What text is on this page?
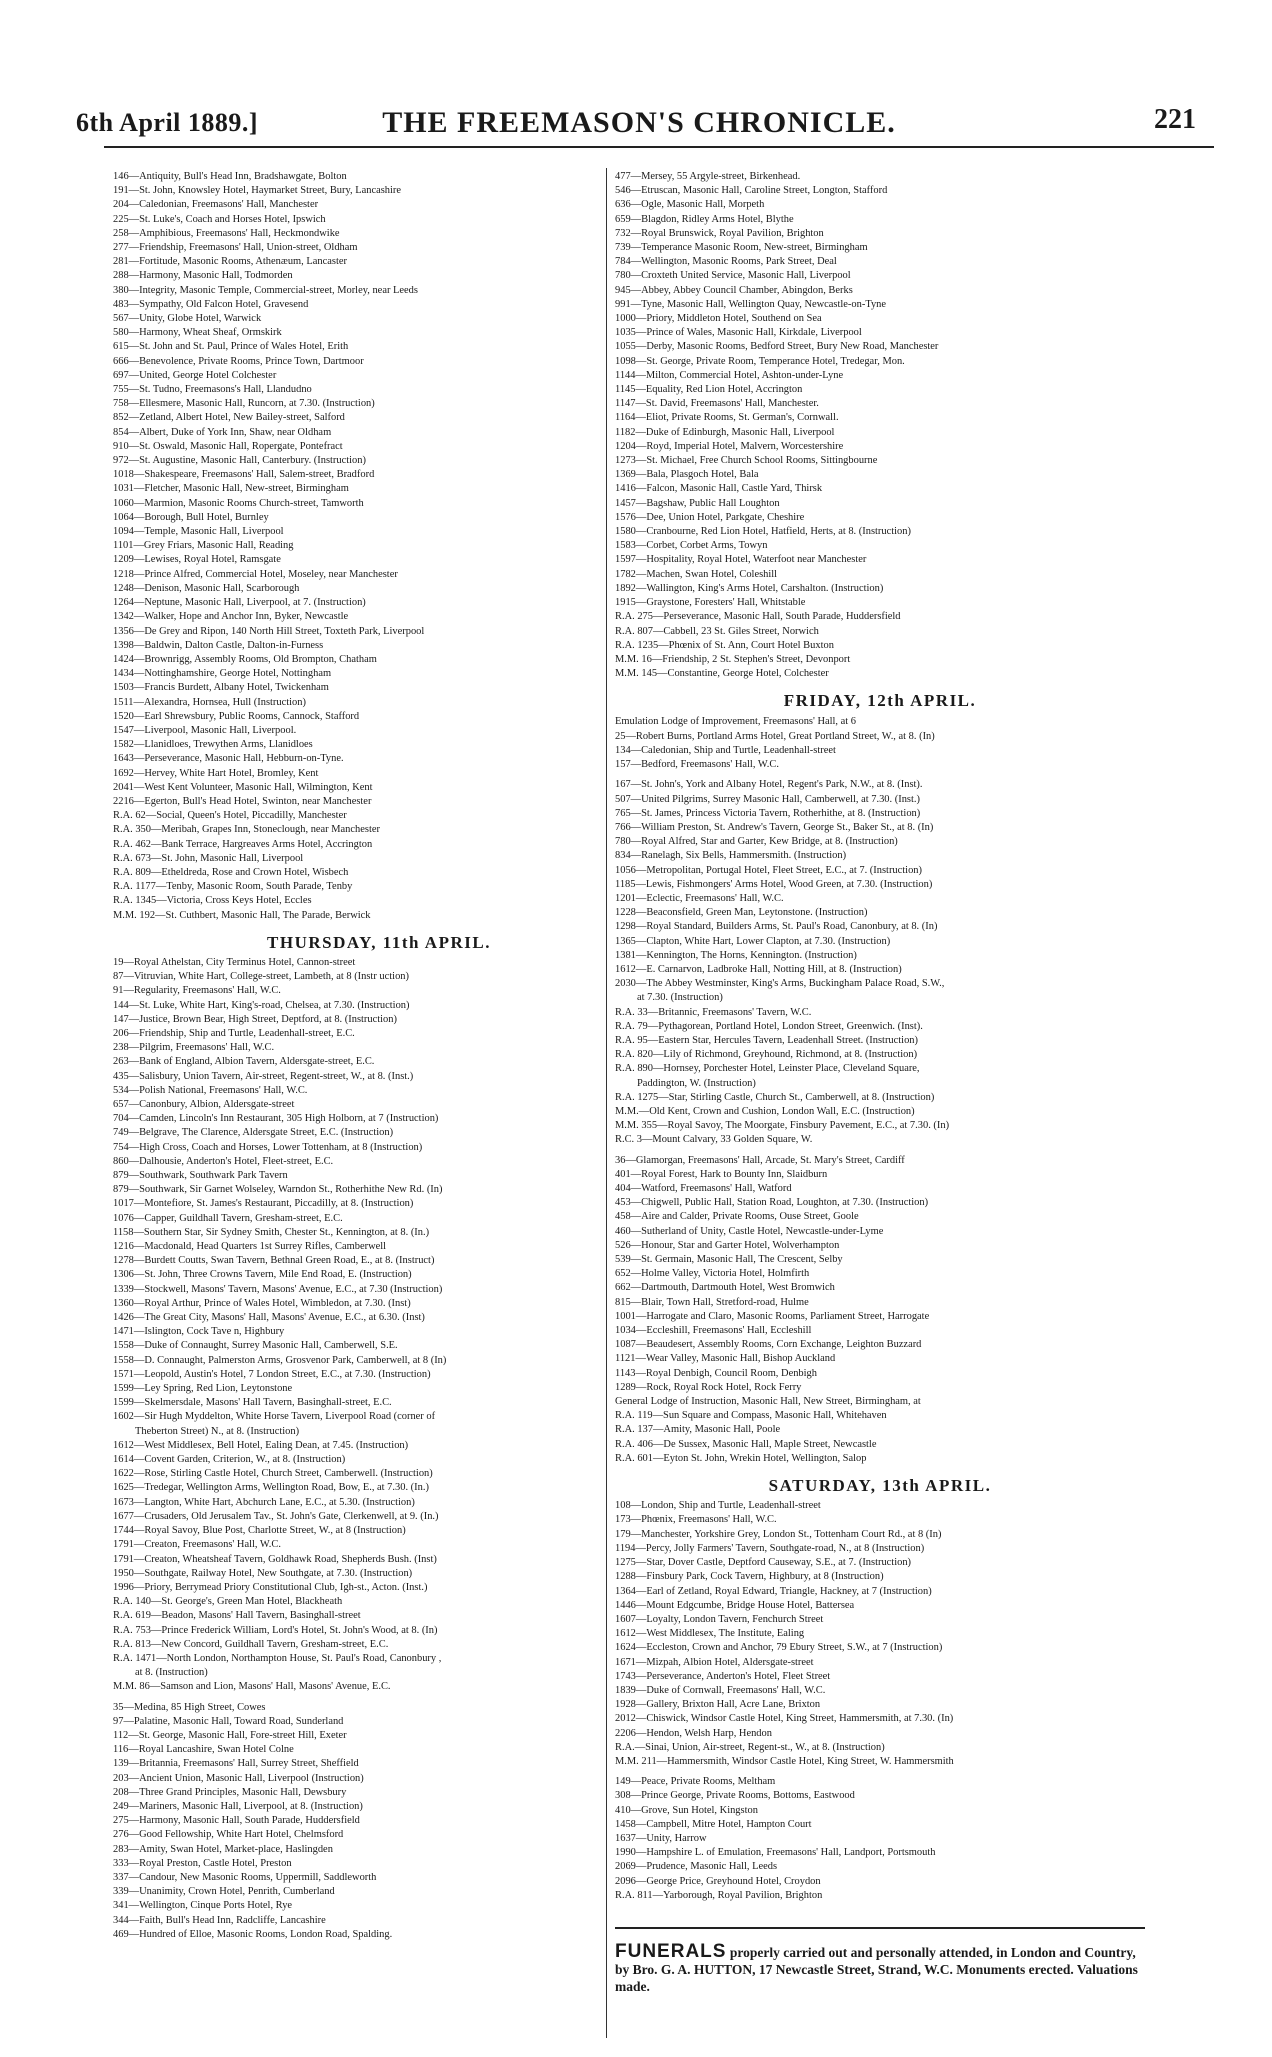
6th April 1889.]	THE FREEMASON'S CHRONICLE.	221
146—Antiquity, Bull's Head Inn, Bradshawgate, Bolton
191—St. John, Knowsley Hotel, Haymarket Street, Bury, Lancashire
204—Caledonian, Freemasons' Hall, Manchester
225—St. Luke's, Coach and Horses Hotel, Ipswich
258—Amphibious, Freemasons' Hall, Heckmondwike
277—Friendship, Freemasons' Hall, Union-street, Oldham
281—Fortitude, Masonic Rooms, Athenæum, Lancaster
288—Harmony, Masonic Hall, Todmorden
380—Integrity, Masonic Temple, Commercial-street, Morley, near Leeds
483—Sympathy, Old Falcon Hotel, Gravesend
567—Unity, Globe Hotel, Warwick
580—Harmony, Wheat Sheaf, Ormskirk
615—St. John and St. Paul, Prince of Wales Hotel, Erith
666—Benevolence, Private Rooms, Prince Town, Dartmoor
697—United, George Hotel Colchester
755—St. Tudno, Freemasons's Hall, Llandudno
758—Ellesmere, Masonic Hall, Runcorn, at 7.30. (Instruction)
852—Zetland, Albert Hotel, New Bailey-street, Salford
854—Albert, Duke of York Inn, Shaw, near Oldham
910—St. Oswald, Masonic Hall, Ropergate, Pontefract
972—St. Augustine, Masonic Hall, Canterbury. (Instruction)
1018—Shakespeare, Freemasons' Hall, Salem-street, Bradford
1031—Fletcher, Masonic Hall, New-street, Birmingham
1060—Marmion, Masonic Rooms Church-street, Tamworth
1064—Borough, Bull Hotel, Burnley
1094—Temple, Masonic Hall, Liverpool
1101—Grey Friars, Masonic Hall, Reading
1209—Lewises, Royal Hotel, Ramsgate
1218—Prince Alfred, Commercial Hotel, Moseley, near Manchester
1248—Denison, Masonic Hall, Scarborough
1264—Neptune, Masonic Hall, Liverpool, at 7. (Instruction)
1342—Walker, Hope and Anchor Inn, Byker, Newcastle
1356—De Grey and Ripon, 140 North Hill Street, Toxteth Park, Liverpool
1398—Baldwin, Dalton Castle, Dalton-in-Furness
1424—Brownrigg, Assembly Rooms, Old Brompton, Chatham
1434—Nottinghamshire, George Hotel, Nottingham
1503—Francis Burdett, Albany Hotel, Twickenham
1511—Alexandra, Hornsea, Hull (Instruction)
1520—Earl Shrewsbury, Public Rooms, Cannock, Stafford
1547—Liverpool, Masonic Hall, Liverpool.
1582—Llanidloes, Trewythen Arms, Llanidloes
1643—Perseverance, Masonic Hall, Hebburn-on-Tyne.
1692—Hervey, White Hart Hotel, Bromley, Kent
2041—West Kent Volunteer, Masonic Hall, Wilmington, Kent
2216—Egerton, Bull's Head Hotel, Swinton, near Manchester
R.A. 62—Social, Queen's Hotel, Piccadilly, Manchester
R.A. 350—Meribah, Grapes Inn, Stoneclough, near Manchester
R.A. 462—Bank Terrace, Hargreaves Arms Hotel, Accrington
R.A. 673—St. John, Masonic Hall, Liverpool
R.A. 809—Etheldreda, Rose and Crown Hotel, Wisbech
R.A. 1177—Tenby, Masonic Room, South Parade, Tenby
R.A. 1345—Victoria, Cross Keys Hotel, Eccles
M.M. 192—St. Cuthbert, Masonic Hall, The Parade, Berwick
THURSDAY, 11th APRIL.
19—Royal Athelstan, City Terminus Hotel, Cannon-street
87—Vitruvian, White Hart, College-street, Lambeth, at 8 (Instr uction)
91—Regularity, Freemasons' Hall, W.C.
144—St. Luke, White Hart, King's-road, Chelsea, at 7.30. (Instruction)
147—Justice, Brown Bear, High Street, Deptford, at 8. (Instruction)
206—Friendship, Ship and Turtle, Leadenhall-street, E.C.
238—Pilgrim, Freemasons' Hall, W.C.
263—Bank of England, Albion Tavern, Aldersgate-street, E.C.
435—Salisbury, Union Tavern, Air-street, Regent-street, W., at 8. (Inst.)
534—Polish National, Freemasons' Hall, W.C.
657—Canonbury, Albion, Aldersgate-street
704—Camden, Lincoln's Inn Restaurant, 305 High Holborn, at 7 (Instruction)
749—Belgrave, The Clarence, Aldersgate Street, E.C. (Instruction)
754—High Cross, Coach and Horses, Lower Tottenham, at 8 (Instruction)
860—Dalhousie, Anderton's Hotel, Fleet-street, E.C.
879—Southwark, Southwark Park Tavern
879—Southwark, Sir Garnet Wolseley, Warndon St., Rotherhithe New Rd. (In)
1017—Montefiore, St. James's Restaurant, Piccadilly, at 8. (Instruction)
1076—Capper, Guildhall Tavern, Gresham-street, E.C.
1158—Southern Star, Sir Sydney Smith, Chester St., Kennington, at 8. (In.)
1216—Macdonald, Head Quarters 1st Surrey Rifles, Camberwell
1278—Burdett Coutts, Swan Tavern, Bethnal Green Road, E., at 8. (Instruct)
1306—St. John, Three Crowns Tavern, Mile End Road, E. (Instruction)
1339—Stockwell, Masons' Tavern, Masons' Avenue, E.C., at 7.30 (Instruction)
1360—Royal Arthur, Prince of Wales Hotel, Wimbledon, at 7.30. (Inst)
1426—The Great City, Masons' Hall, Masons' Avenue, E.C., at 6.30. (Inst)
1471—Islington, Cock Tave n, Highbury
1558—Duke of Connaught, Surrey Masonic Hall, Camberwell, S.E.
1558—D. Connaught, Palmerston Arms, Grosvenor Park, Camberwell, at 8 (In)
1571—Leopold, Austin's Hotel, 7 London Street, E.C., at 7.30. (Instruction)
1599—Ley Spring, Red Lion, Leytonstone
1599—Skelmersdale, Masons' Hall Tavern, Basinghall-street, E.C.
1602—Sir Hugh Myddelton, White Horse Tavern, Liverpool Road (corner of
Theberton Street) N., at 8. (Instruction)
1612—West Middlesex, Bell Hotel, Ealing Dean, at 7.45. (Instruction)
1614—Covent Garden, Criterion, W., at 8. (Instruction)
1622—Rose, Stirling Castle Hotel, Church Street, Camberwell. (Instruction)
1625—Tredegar, Wellington Arms, Wellington Road, Bow, E., at 7.30. (In.)
1673—Langton, White Hart, Abchurch Lane, E.C., at 5.30. (Instruction)
1677—Crusaders, Old Jerusalem Tav., St. John's Gate, Clerkenwell, at 9. (In.)
1744—Royal Savoy, Blue Post, Charlotte Street, W., at 8 (Instruction)
1791—Creaton, Freemasons' Hall, W.C.
1791—Creaton, Wheatsheaf Tavern, Goldhawk Road, Shepherds Bush. (Inst)
1950—Southgate, Railway Hotel, New Southgate, at 7.30. (Instruction)
1996—Priory, Berrymead Priory Constitutional Club, Igh-st., Acton. (Inst.)
R.A. 140—St. George's, Green Man Hotel, Blackheath
R.A. 619—Beadon, Masons' Hall Tavern, Basinghall-street
R.A. 753—Prince Frederick William, Lord's Hotel, St. John's Wood, at 8. (In)
R.A. 813—New Concord, Guildhall Tavern, Gresham-street, E.C.
R.A. 1471—North London, Northampton House, St. Paul's Road, Canonbury ,
at 8. (Instruction)
M.M. 86—Samson and Lion, Masons' Hall, Masons' Avenue, E.C.
35—Medina, 85 High Street, Cowes
97—Palatine, Masonic Hall, Toward Road, Sunderland
112—St. George, Masonic Hall, Fore-street Hill, Exeter
116—Royal Lancashire, Swan Hotel Colne
139—Britannia, Freemasons' Hall, Surrey Street, Sheffield
203—Ancient Union, Masonic Hall, Liverpool (Instruction)
208—Three Grand Principles, Masonic Hall, Dewsbury
249—Mariners, Masonic Hall, Liverpool, at 8. (Instruction)
275—Harmony, Masonic Hall, South Parade, Huddersfield
276—Good Fellowship, White Hart Hotel, Chelmsford
283—Amity, Swan Hotel, Market-place, Haslingden
333—Royal Preston, Castle Hotel, Preston
337—Candour, New Masonic Rooms, Uppermill, Saddleworth
339—Unanimity, Crown Hotel, Penrith, Cumberland
341—Wellington, Cinque Ports Hotel, Rye
344—Faith, Bull's Head Inn, Radcliffe, Lancashire
469—Hundred of Elloe, Masonic Rooms, London Road, Spalding.
477—Mersey, 55 Argyle-street, Birkenhead.
546—Etruscan, Masonic Hall, Caroline Street, Longton, Stafford
636—Ogle, Masonic Hall, Morpeth
659—Blagdon, Ridley Arms Hotel, Blythe
732—Royal Brunswick, Royal Pavilion, Brighton
739—Temperance Masonic Room, New-street, Birmingham
784—Wellington, Masonic Rooms, Park Street, Deal
780—Croxteth United Service, Masonic Hall, Liverpool
945—Abbey, Abbey Council Chamber, Abingdon, Berks
991—Tyne, Masonic Hall, Wellington Quay, Newcastle-on-Tyne
1000—Priory, Middleton Hotel, Southend on Sea
1035—Prince of Wales, Masonic Hall, Kirkdale, Liverpool
1055—Derby, Masonic Rooms, Bedford Street, Bury New Road, Manchester
1098—St. George, Private Room, Temperance Hotel, Tredegar, Mon.
1144—Milton, Commercial Hotel, Ashton-under-Lyne
1145—Equality, Red Lion Hotel, Accrington
1147—St. David, Freemasons' Hall, Manchester.
1164—Eliot, Private Rooms, St. German's, Cornwall.
1182—Duke of Edinburgh, Masonic Hall, Liverpool
1204—Royd, Imperial Hotel, Malvern, Worcestershire
1273—St. Michael, Free Church School Rooms, Sittingbourne
1369—Bala, Plasgoch Hotel, Bala
1416—Falcon, Masonic Hall, Castle Yard, Thirsk
1457—Bagshaw, Public Hall Loughton
1576—Dee, Union Hotel, Parkgate, Cheshire
1580—Cranbourne, Red Lion Hotel, Hatfield, Herts, at 8. (Instruction)
1583—Corbet, Corbet Arms, Towyn
1597—Hospitality, Royal Hotel, Waterfoot near Manchester
1782—Machen, Swan Hotel, Coleshill
1892—Wallington, King's Arms Hotel, Carshalton. (Instruction)
1915—Graystone, Foresters' Hall, Whitstable
R.A. 275—Perseverance, Masonic Hall, South Parade, Huddersfield
R.A. 807—Cabbell, 23 St. Giles Street, Norwich
R.A. 1235—Phœnix of St. Ann, Court Hotel Buxton
M.M. 16—Friendship, 2 St. Stephen's Street, Devonport
M.M. 145—Constantine, George Hotel, Colchester
FRIDAY, 12th APRIL.
Emulation Lodge of Improvement, Freemasons' Hall, at 6
25—Robert Burns, Portland Arms Hotel, Great Portland Street, W., at 8. (In)
134—Caledonian, Ship and Turtle, Leadenhall-street
157—Bedford, Freemasons' Hall, W.C.
167—St. John's, York and Albany Hotel, Regent's Park, N.W., at 8. (Inst).
507—United Pilgrims, Surrey Masonic Hall, Camberwell, at 7.30. (Inst.)
765—St. James, Princess Victoria Tavern, Rotherhithe, at 8. (Instruction)
766—William Preston, St. Andrew's Tavern, George St., Baker St., at 8. (In)
780—Royal Alfred, Star and Garter, Kew Bridge, at 8. (Instruction)
834—Ranelagh, Six Bells, Hammersmith. (Instruction)
1056—Metropolitan, Portugal Hotel, Fleet Street, E.C., at 7. (Instruction)
1185—Lewis, Fishmongers' Arms Hotel, Wood Green, at 7.30. (Instruction)
1201—Eclectic, Freemasons' Hall, W.C.
1228—Beaconsfield, Green Man, Leytonstone. (Instruction)
1298—Royal Standard, Builders Arms, St. Paul's Road, Canonbury, at 8. (In)
1365—Clapton, White Hart, Lower Clapton, at 7.30. (Instruction)
1381—Kennington, The Horns, Kennington. (Instruction)
1612—E. Carnarvon, Ladbroke Hall, Notting Hill, at 8. (Instruction)
2030—The Abbey Westminster, King's Arms, Buckingham Palace Road, S.W.,
at 7.30. (Instruction)
R.A. 33—Britannic, Freemasons' Tavern, W.C.
R.A. 79—Pythagorean, Portland Hotel, London Street, Greenwich. (Inst).
R.A. 95—Eastern Star, Hercules Tavern, Leadenhall Street. (Instruction)
R.A. 820—Lily of Richmond, Greyhound, Richmond, at 8. (Instruction)
R.A. 890—Hornsey, Porchester Hotel, Leinster Place, Cleveland Square,
Paddington, W. (Instruction)
R.A. 1275—Star, Stirling Castle, Church St., Camberwell, at 8. (Instruction)
M.M.—Old Kent, Crown and Cushion, London Wall, E.C. (Instruction)
M.M. 355—Royal Savoy, The Moorgate, Finsbury Pavement, E.C., at 7.30. (In)
R.C. 3—Mount Calvary, 33 Golden Square, W.
36—Glamorgan, Freemasons' Hall, Arcade, St. Mary's Street, Cardiff
401—Royal Forest, Hark to Bounty Inn, Slaidburn
404—Watford, Freemasons' Hall, Watford
453—Chigwell, Public Hall, Station Road, Loughton, at 7.30. (Instruction)
458—Aire and Calder, Private Rooms, Ouse Street, Goole
460—Sutherland of Unity, Castle Hotel, Newcastle-under-Lyme
526—Honour, Star and Garter Hotel, Wolverhampton
539—St. Germain, Masonic Hall, The Crescent, Selby
652—Holme Valley, Victoria Hotel, Holmfirth
662—Dartmouth, Dartmouth Hotel, West Bromwich
815—Blair, Town Hall, Stretford-road, Hulme
1001—Harrogate and Claro, Masonic Rooms, Parliament Street, Harrogate
1034—Eccleshill, Freemasons' Hall, Eccleshill
1087—Beaudesert, Assembly Rooms, Corn Exchange, Leighton Buzzard
1121—Wear Valley, Masonic Hall, Bishop Auckland
1143—Royal Denbigh, Council Room, Denbigh
1289—Rock, Royal Rock Hotel, Rock Ferry
General Lodge of Instruction, Masonic Hall, New Street, Birmingham, at
R.A. 119—Sun Square and Compass, Masonic Hall, Whitehaven
R.A. 137—Amity, Masonic Hall, Poole
R.A. 406—De Sussex, Masonic Hall, Maple Street, Newcastle
R.A. 601—Eyton St. John, Wrekin Hotel, Wellington, Salop
SATURDAY, 13th APRIL.
108—London, Ship and Turtle, Leadenhall-street
173—Phœnix, Freemasons' Hall, W.C.
179—Manchester, Yorkshire Grey, London St., Tottenham Court Rd., at 8 (In)
1194—Percy, Jolly Farmers' Tavern, Southgate-road, N., at 8 (Instruction)
1275—Star, Dover Castle, Deptford Causeway, S.E., at 7. (Instruction)
1288—Finsbury Park, Cock Tavern, Highbury, at 8 (Instruction)
1364—Earl of Zetland, Royal Edward, Triangle, Hackney, at 7 (Instruction)
1446—Mount Edgcumbe, Bridge House Hotel, Battersea
1607—Loyalty, London Tavern, Fenchurch Street
1612—West Middlesex, The Institute, Ealing
1624—Eccleston, Crown and Anchor, 79 Ebury Street, S.W., at 7 (Instruction)
1671—Mizpah, Albion Hotel, Aldersgate-street
1743—Perseverance, Anderton's Hotel, Fleet Street
1839—Duke of Cornwall, Freemasons' Hall, W.C.
1928—Gallery, Brixton Hall, Acre Lane, Brixton
2012—Chiswick, Windsor Castle Hotel, King Street, Hammersmith, at 7.30. (In)
2206—Hendon, Welsh Harp, Hendon
R.A.—Sinai, Union, Air-street, Regent-st., W., at 8. (Instruction)
M.M. 211—Hammersmith, Windsor Castle Hotel, King Street, W. Hammersmith
149—Peace, Private Rooms, Meltham
308—Prince George, Private Rooms, Bottoms, Eastwood
410—Grove, Sun Hotel, Kingston
1458—Campbell, Mitre Hotel, Hampton Court
1637—Unity, Harrow
1990—Hampshire L. of Emulation, Freemasons' Hall, Landport, Portsmouth
2069—Prudence, Masonic Hall, Leeds
2096—George Price, Greyhound Hotel, Croydon
R.A. 811—Yarborough, Royal Pavilion, Brighton
FUNERALS properly carried out and personally attended, in London and Country, by Bro. G. A. HUTTON, 17 Newcastle Street, Strand, W.C. Monuments erected. Valuations made.
